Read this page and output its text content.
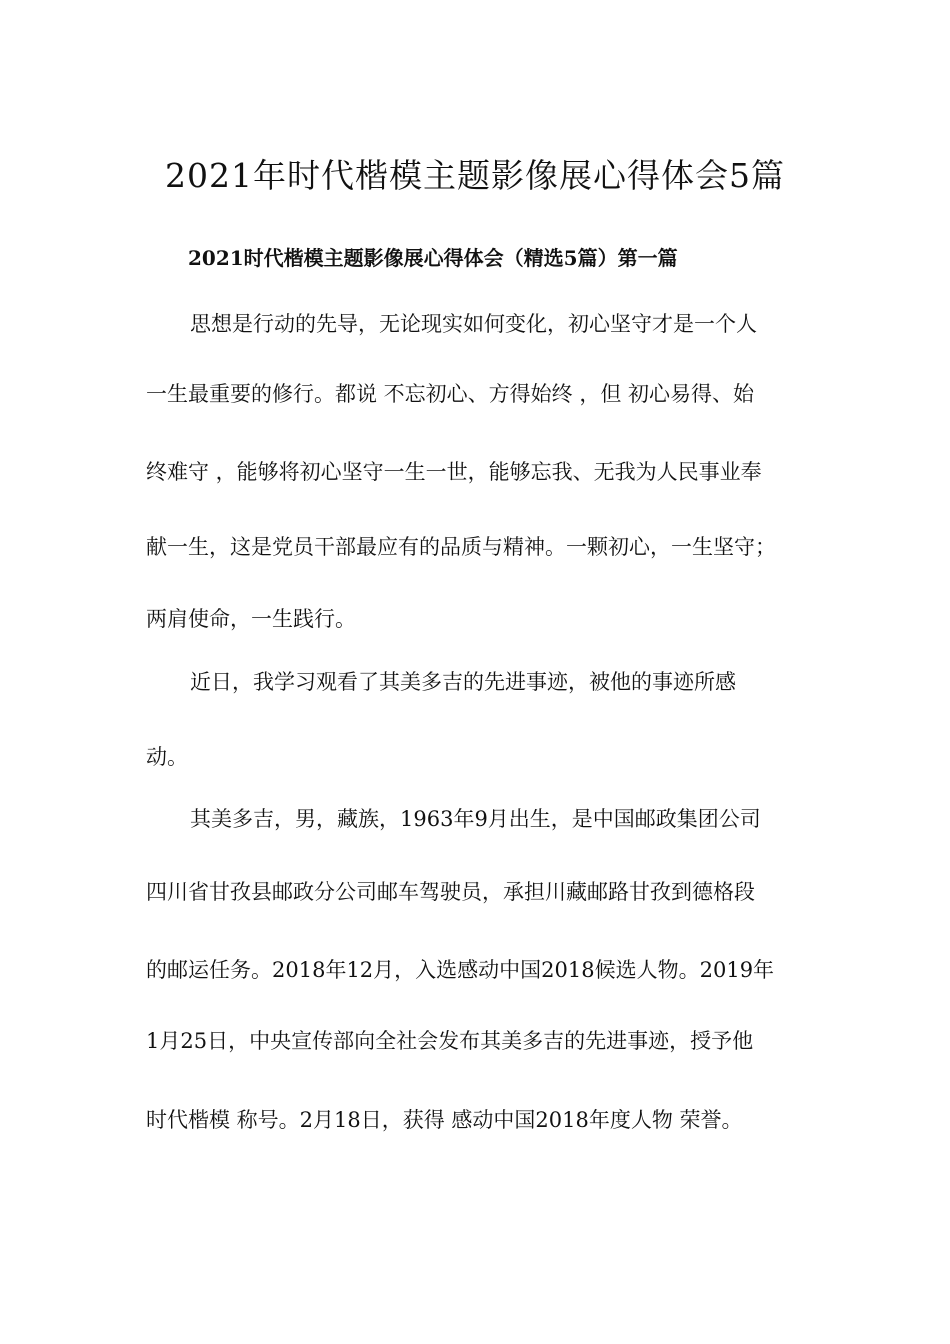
2021年时代楷模主题影像展心得体会5篇
2021时代楷模主题影像展心得体会（精选5篇）第一篇
思想是行动的先导，无论现实如何变化，初心坚守才是一个人
一生最重要的修行。都说 不忘初心、方得始终 ，但 初心易得、始
终难守 ，能够将初心坚守一生一世，能够忘我、无我为人民事业奉
献一生，这是党员干部最应有的品质与精神。一颗初心，一生坚守；
两肩使命，一生践行。
近日，我学习观看了其美多吉的先进事迹，被他的事迹所感
动。
其美多吉，男，藏族，1963年9月出生，是中国邮政集团公司
四川省甘孜县邮政分公司邮车驾驶员，承担川藏邮路甘孜到德格段
的邮运任务。2018年12月，入选感动中国2018候选人物。2019年
1月25日，中央宣传部向全社会发布其美多吉的先进事迹，授予他
时代楷模 称号。2月18日，获得 感动中国2018年度人物 荣誉。
